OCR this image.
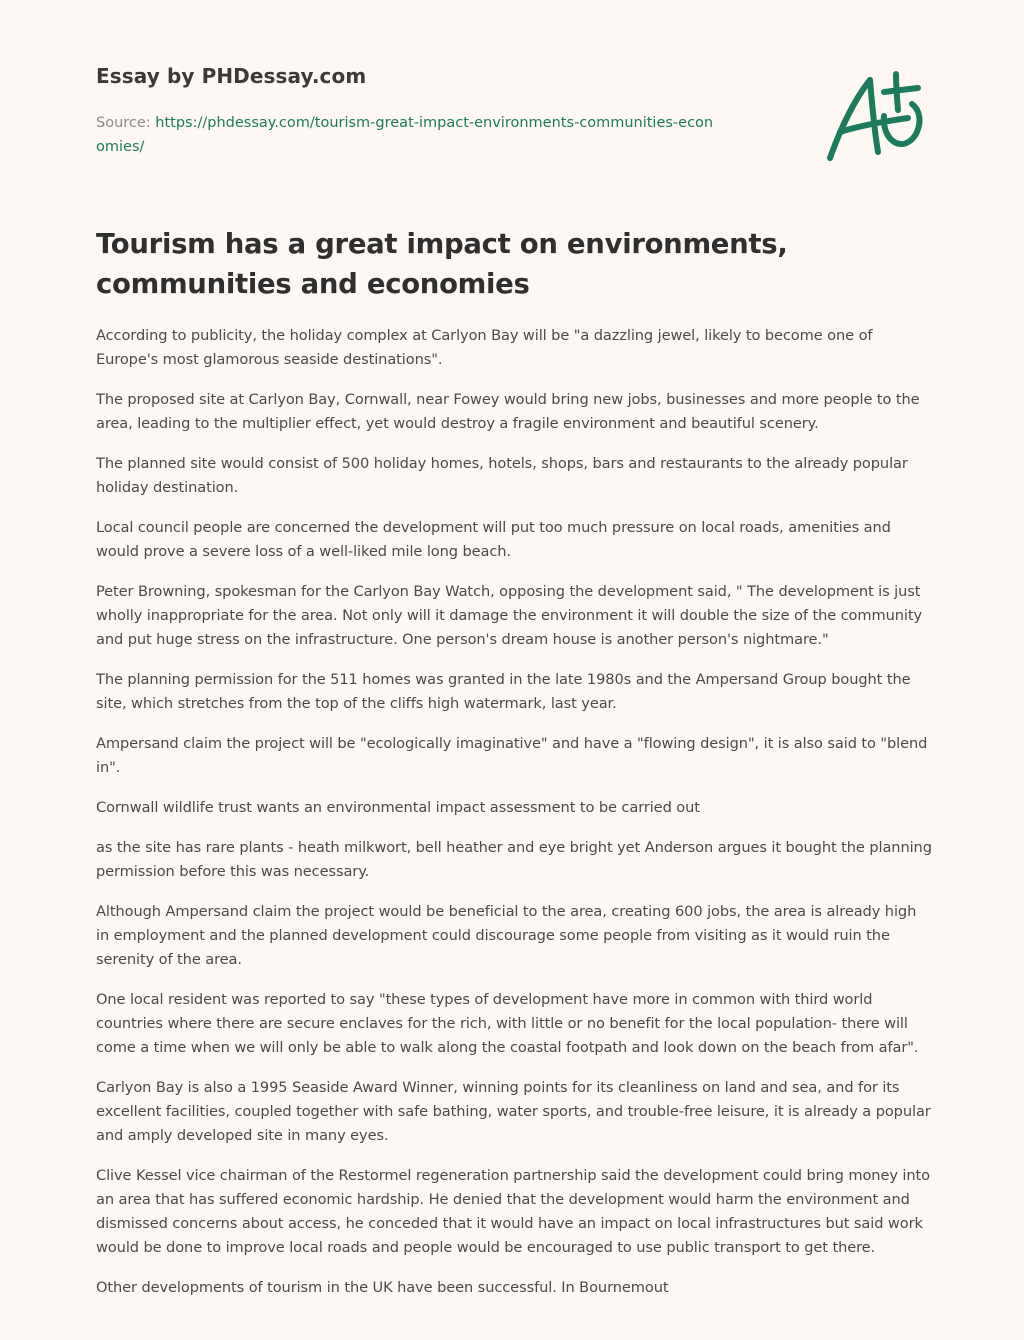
Essay by PHDessay.com
Source: https://phdessay.com/tourism-great-impact-environments-communities-economies/
Tourism has a great impact on environments, communities and economies

According to publicity, the holiday complex at Carlyon Bay will be "a dazzling jewel, likely to become one of Europe's most glamorous seaside destinations".

The proposed site at Carlyon Bay, Cornwall, near Fowey would bring new jobs, businesses and more people to the area, leading to the multiplier effect, yet would destroy a fragile environment and beautiful scenery.

The planned site would consist of 500 holiday homes, hotels, shops, bars and restaurants to the already popular holiday destination.

Local council people are concerned the development will put too much pressure on local roads, amenities and would prove a severe loss of a well-liked mile long beach.

Peter Browning, spokesman for the Carlyon Bay Watch, opposing the development said, " The development is just wholly inappropriate for the area. Not only will it damage the environment it will double the size of the community and put huge stress on the infrastructure. One person's dream house is another person's nightmare."

The planning permission for the 511 homes was granted in the late 1980s and the Ampersand Group bought the site, which stretches from the top of the cliffs high watermark, last year.

Ampersand claim the project will be "ecologically imaginative" and have a "flowing design", it is also said to "blend in".

Cornwall wildlife trust wants an environmental impact assessment to be carried out

as the site has rare plants - heath milkwort, bell heather and eye bright yet Anderson argues it bought the planning permission before this was necessary.

Although Ampersand claim the project would be beneficial to the area, creating 600 jobs, the area is already high in employment and the planned development could discourage some people from visiting as it would ruin the serenity of the area.

One local resident was reported to say "these types of development have more in common with third world countries where there are secure enclaves for the rich, with little or no benefit for the local population- there will come a time when we will only be able to walk along the coastal footpath and look down on the beach from afar".

Carlyon Bay is also a 1995 Seaside Award Winner, winning points for its cleanliness on land and sea, and for its excellent facilities, coupled together with safe bathing, water sports, and trouble-free leisure, it is already a popular and amply developed site in many eyes.

Clive Kessel vice chairman of the Restormel regeneration partnership said the development could bring money into an area that has suffered economic hardship. He denied that the development would harm the environment and dismissed concerns about access, he conceded that it would have an impact on local infrastructures but said work would be done to improve local roads and people would be encouraged to use public transport to get there.

Other developments of tourism in the UK have been successful. In Bournemout
